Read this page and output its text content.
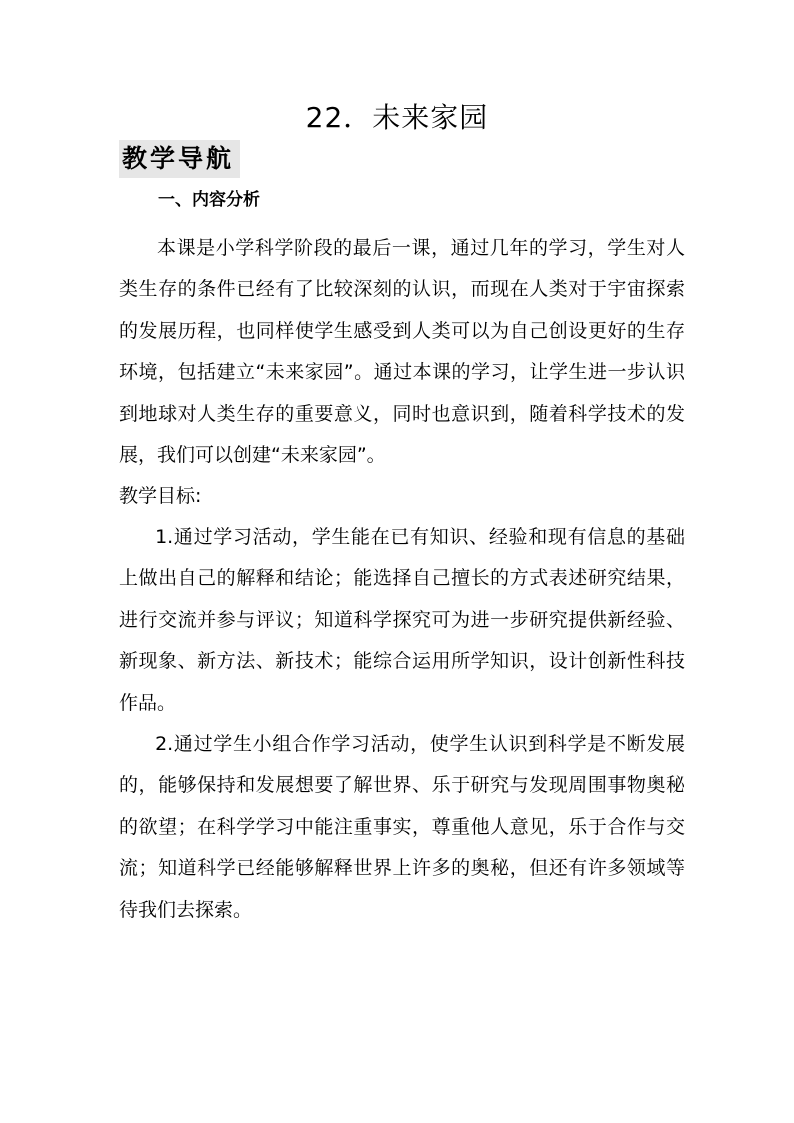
22．未来家园
教学导航
一、内容分析

本课是小学科学阶段的最后一课，通过几年的学习，学生对人类生存的条件已经有了比较深刻的认识，而现在人类对于宇宙探索的发展历程，也同样使学生感受到人类可以为自己创设更好的生存环境，包括建立“未来家园”。通过本课的学习，让学生进一步认识到地球对人类生存的重要意义，同时也意识到，随着科学技术的发展，我们可以创建“未来家园”。

教学目标:

1.通过学习活动，学生能在已有知识、经验和现有信息的基础上做出自己的解释和结论；能选择自己擅长的方式表述研究结果，进行交流并参与评议；知道科学探究可为进一步研究提供新经验、新现象、新方法、新技术；能综合运用所学知识，设计创新性科技作品。

2.通过学生小组合作学习活动，使学生认识到科学是不断发展的，能够保持和发展想要了解世界、乐于研究与发现周围事物奥秘的欲望；在科学学习中能注重事实，尊重他人意见，乐于合作与交流；知道科学已经能够解释世界上许多的奥秘，但还有许多领域等待我们去探索。
